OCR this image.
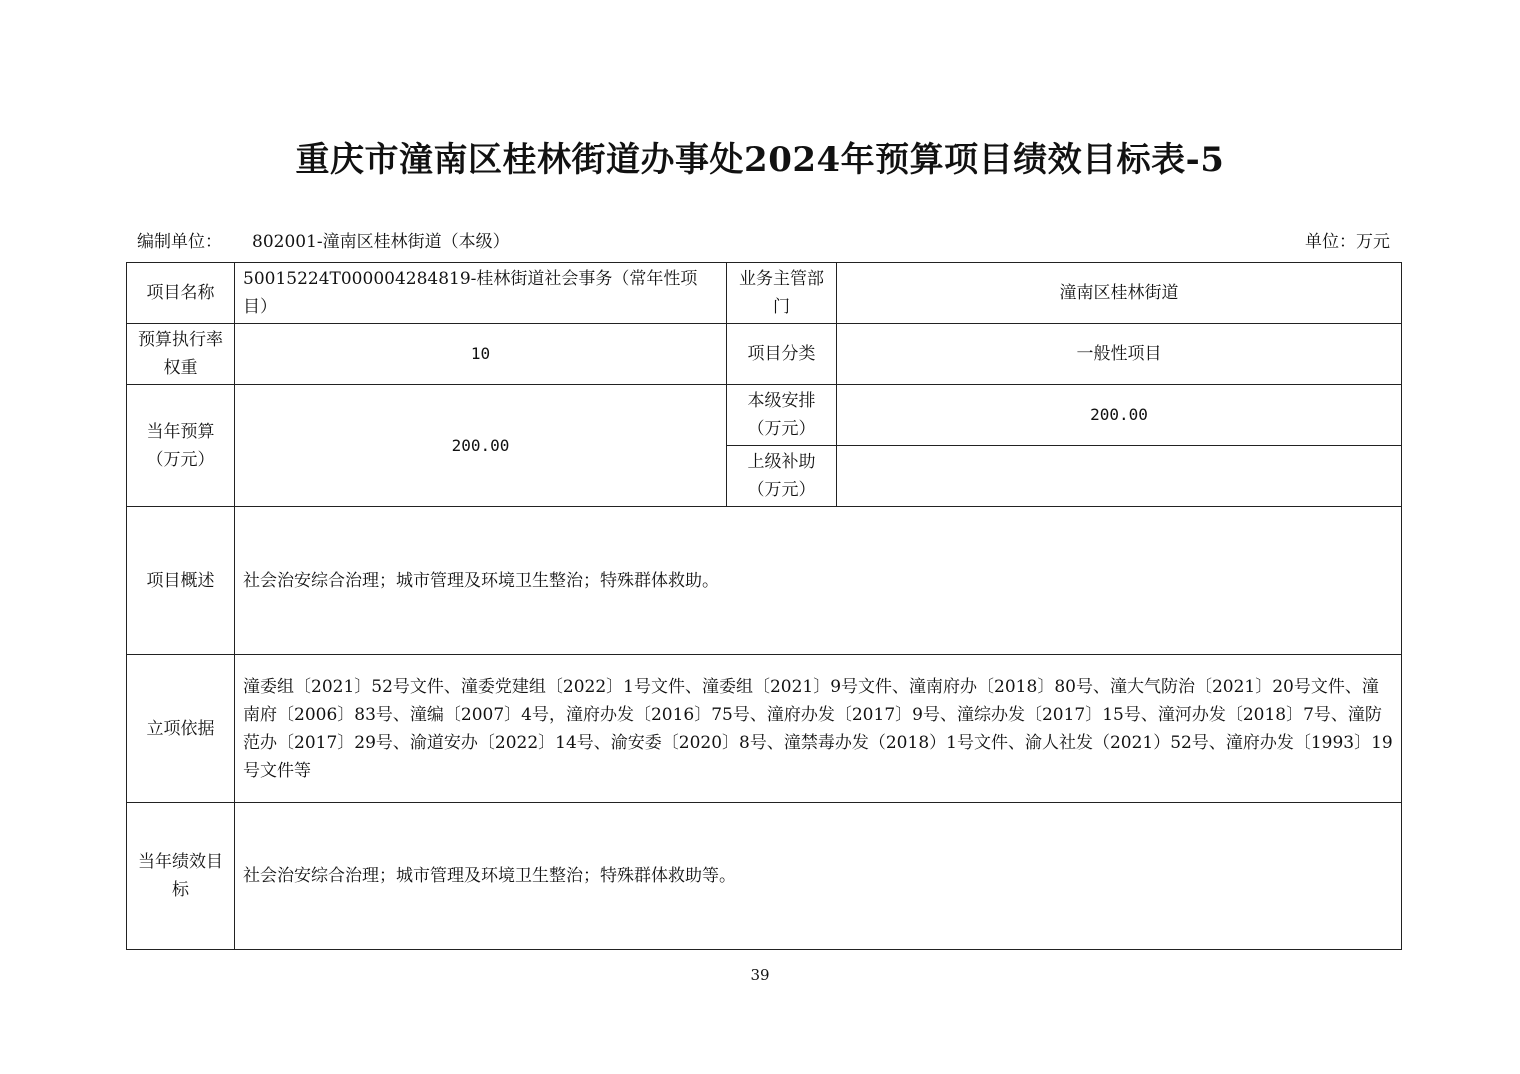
重庆市潼南区桂林街道办事处2024年预算项目绩效目标表-5
编制单位： 802001-潼南区桂林街道（本级）	单位：万元
项目名称	50015224T000004284819-桂林街道社会事务（常年性项目）	业务主管部门	潼南区桂林街道
预算执行率权重	10	项目分类	一般性项目
当年预算（万元）	200.00	本级安排（万元）	200.00
		上级补助（万元）	
项目概述	社会治安综合治理；城市管理及环境卫生整治；特殊群体救助。		
立项依据	潼委组〔2021〕52号文件、潼委党建组〔2022〕1号文件、潼委组〔2021〕9号文件、潼南府办〔2018〕80号、潼大气防治〔2021〕20号文件、潼南府〔2006〕83号、潼编〔2007〕4号，潼府办发〔2016〕75号、潼府办发〔2017〕9号、潼综办发〔2017〕15号、潼河办发〔2018〕7号、潼防范办〔2017〕29号、渝道安办〔2022〕14号、渝安委〔2020〕8号、潼禁毒办发（2018）1号文件、渝人社发（2021）52号、潼府办发〔1993〕19号文件等		
当年绩效目标	社会治安综合治理；城市管理及环境卫生整治；特殊群体救助等。		
39
